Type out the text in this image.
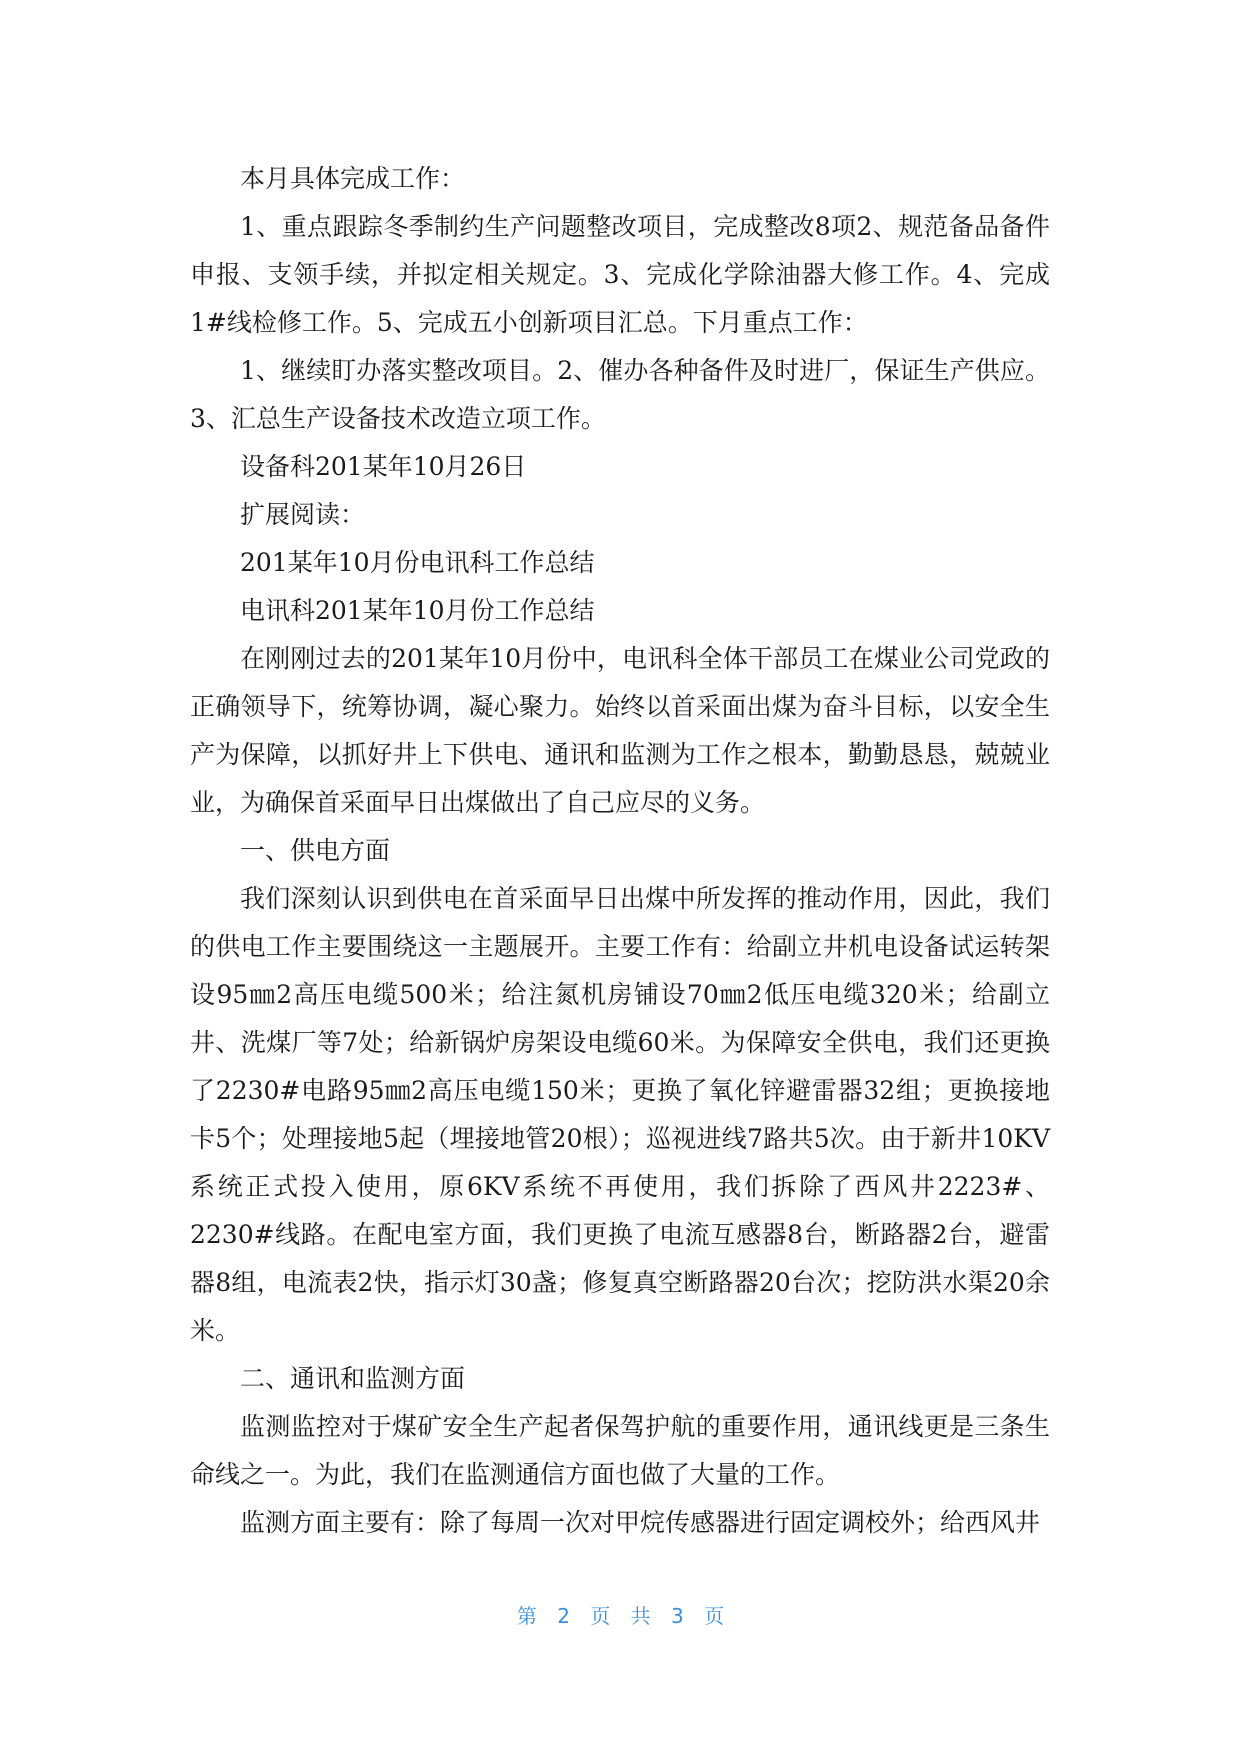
本月具体完成工作：

1、重点跟踪冬季制约生产问题整改项目，完成整改8项2、规范备品备件申报、支领手续，并拟定相关规定。3、完成化学除油器大修工作。4、完成1#线检修工作。5、完成五小创新项目汇总。下月重点工作：

1、继续盯办落实整改项目。2、催办各种备件及时进厂，保证生产供应。3、汇总生产设备技术改造立项工作。

设备科201某年10月26日

扩展阅读：

201某年10月份电讯科工作总结

电讯科201某年10月份工作总结

在刚刚过去的201某年10月份中，电讯科全体干部员工在煤业公司党政的正确领导下，统筹协调，凝心聚力。始终以首采面出煤为奋斗目标，以安全生产为保障，以抓好井上下供电、通讯和监测为工作之根本，勤勤恳恳，兢兢业业，为确保首采面早日出煤做出了自己应尽的义务。

一、供电方面

我们深刻认识到供电在首采面早日出煤中所发挥的推动作用，因此，我们的供电工作主要围绕这一主题展开。主要工作有：给副立井机电设备试运转架设95㎜2高压电缆500米；给注氮机房铺设70㎜2低压电缆320米；给副立井、洗煤厂等7处；给新锅炉房架设电缆60米。为保障安全供电，我们还更换了2230#电路95㎜2高压电缆150米；更换了氧化锌避雷器32组；更换接地卡5个；处理接地5起（埋接地管20根）；巡视进线7路共5次。由于新井10KV系统正式投入使用，原6KV系统不再使用，我们拆除了西风井2223#、2230#线路。在配电室方面，我们更换了电流互感器8台，断路器2台，避雷器8组，电流表2快，指示灯30盏；修复真空断路器20台次；挖防洪水渠20余米。

二、通讯和监测方面

监测监控对于煤矿安全生产起者保驾护航的重要作用，通讯线更是三条生命线之一。为此，我们在监测通信方面也做了大量的工作。

监测方面主要有：除了每周一次对甲烷传感器进行固定调校外；给西风井

第 2 页 共 3 页
